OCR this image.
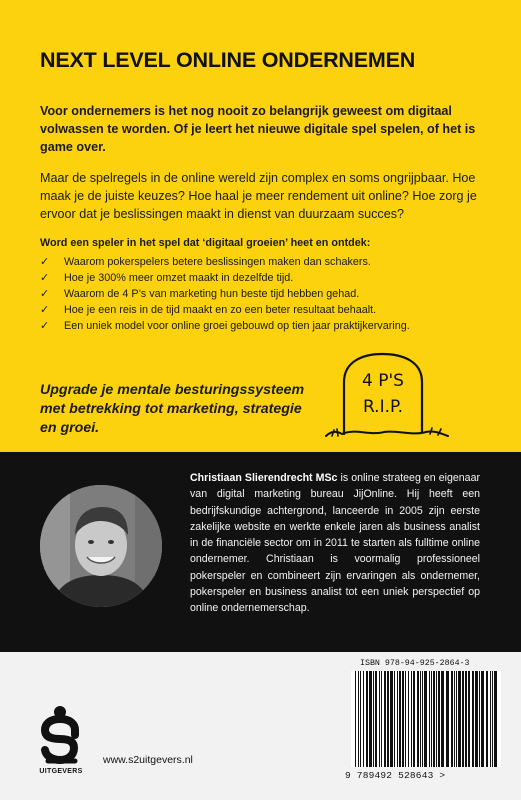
NEXT LEVEL ONLINE ONDERNEMEN

Voor ondernemers is het nog nooit zo belangrijk geweest om digitaal volwassen te worden. Of je leert het nieuwe digitale spel spelen, of het is game over.

Maar de spelregels in de online wereld zijn complex en soms ongrijpbaar. Hoe maak je de juiste keuzes? Hoe haal je meer rendement uit online? Hoe zorg je ervoor dat je beslissingen maakt in dienst van duurzaam succes?

Word een speler in het spel dat ‘digitaal groeien’ heet en ontdek:

✓ Waarom pokerspelers betere beslissingen maken dan schakers.
✓ Hoe je 300% meer omzet maakt in dezelfde tijd.
✓ Waarom de 4 P’s van marketing hun beste tijd hebben gehad.
✓ Hoe je een reis in de tijd maakt en zo een beter resultaat behaalt.
✓ Een uniek model voor online groei gebouwd op tien jaar praktijkervaring.

Upgrade je mentale besturingssysteem met betrekking tot marketing, strategie en groei.

4 P'S
R.I.P.

Christiaan Slierendrecht MSc is online strateeg en eigenaar van digital marketing bureau JijOnline. Hij heeft een bedrijfskundige achtergrond, lanceerde in 2005 zijn eerste zakelijke website en werkte enkele jaren als business analist in de financiële sector om in 2011 te starten als fulltime online ondernemer. Christiaan is voormalig professioneel pokerspeler en combineert zijn ervaringen als ondernemer, pokerspeler en business analist tot een uniek perspectief op online ondernemerschap.

UITGEVERS

www.s2uitgevers.nl

ISBN 978-94-925-2864-3

9 789492 528643 >
